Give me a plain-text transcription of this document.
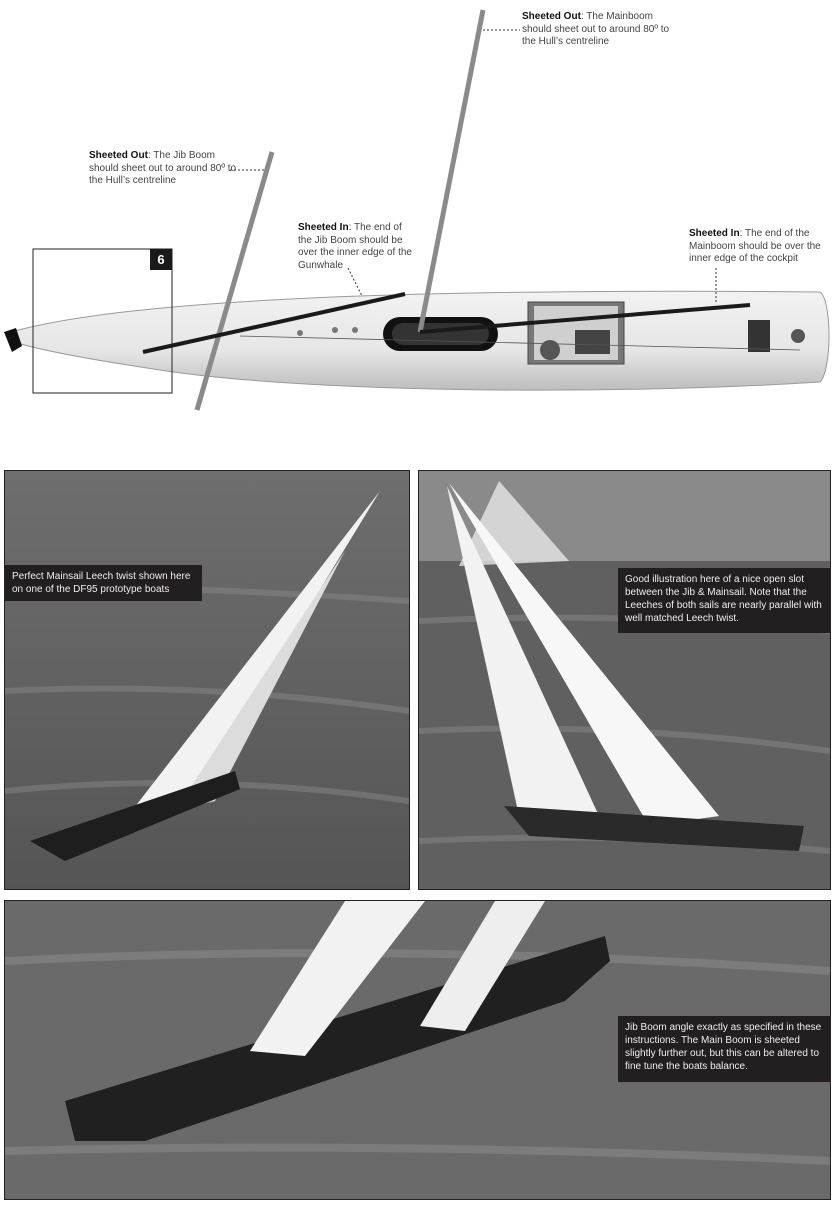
6
Sheeted Out: The Mainboom should sheet out to around 80º to the Hull’s centreline
Sheeted Out: The Jib Boom should sheet out to around 80º to the Hull’s centreline
Sheeted In: The end of the Jib Boom should be over the inner edge of the Gunwhale
Sheeted In: The end of the Mainboom should be over the inner edge of the cockpit
Perfect Mainsail Leech twist shown here on one of the DF95 prototype boats
Good illustration here of a nice open slot between the Jib & Mainsail. Note that the Leeches of both sails are nearly parallel with well matched Leech twist.
Jib Boom angle exactly as specified in these instructions. The Main Boom is sheeted slightly further out, but this can be altered to fine tune the boats balance.
